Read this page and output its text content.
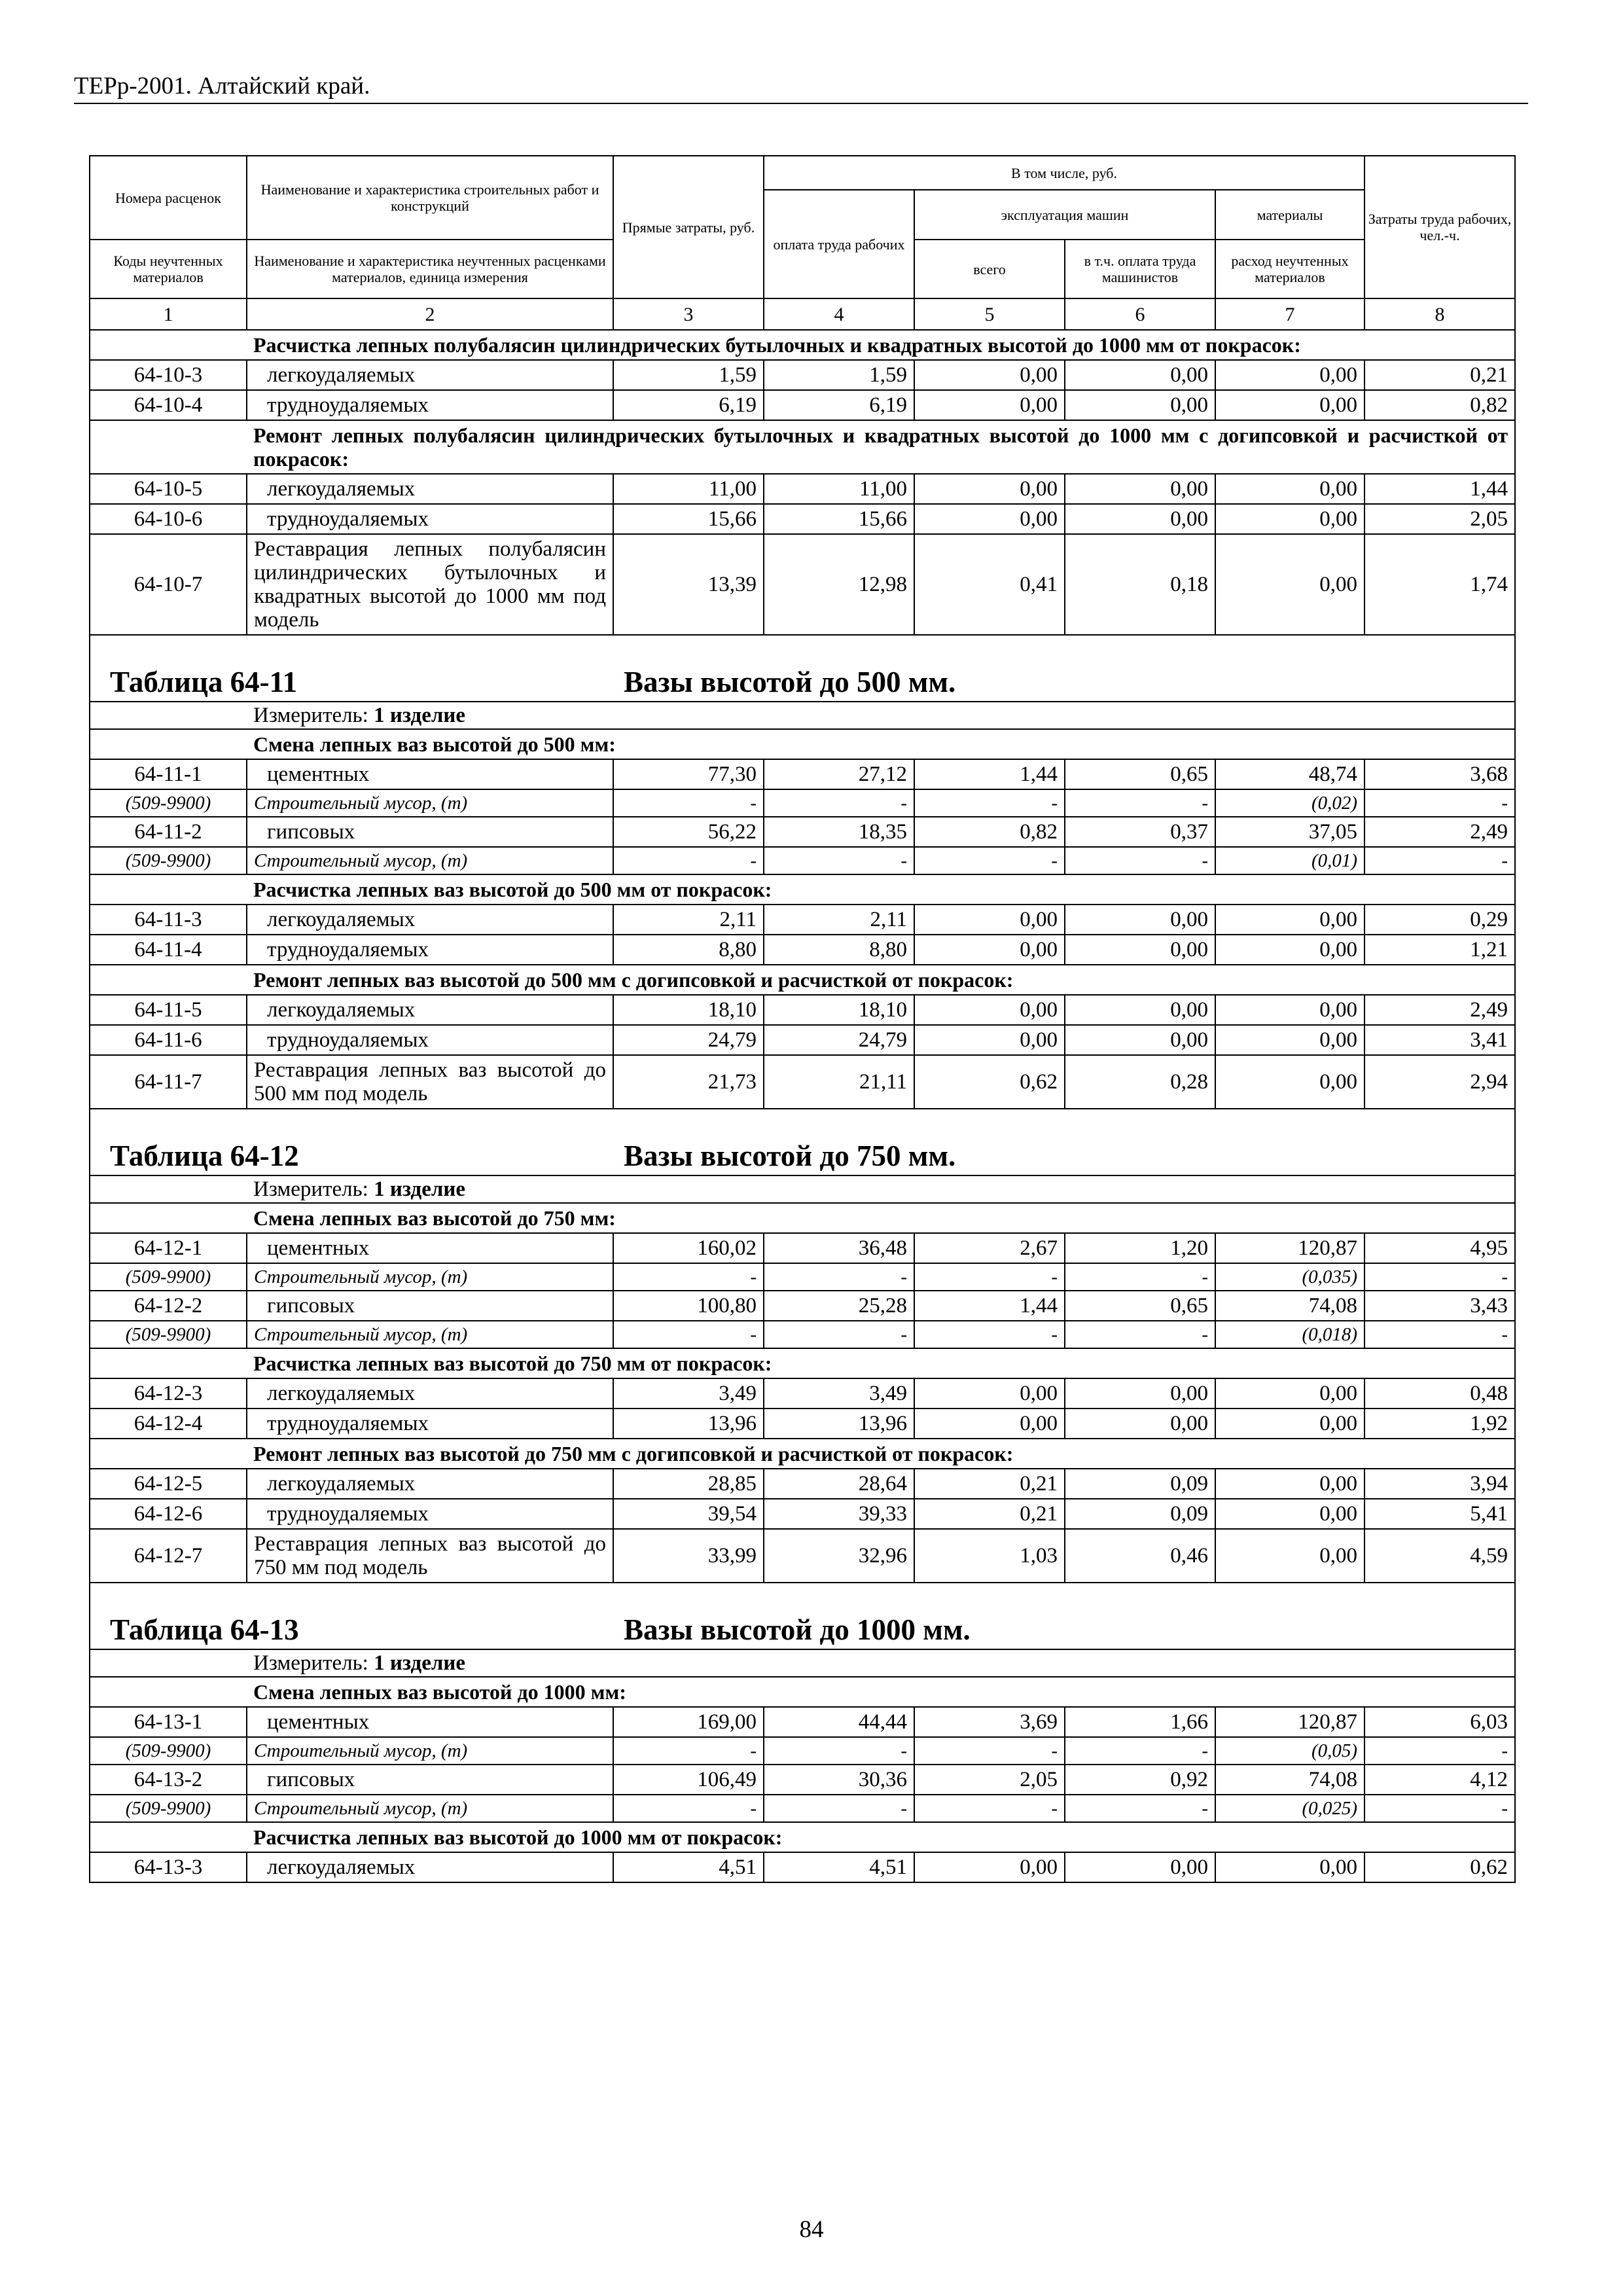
ТЕРр-2001. Алтайский край.
Номера расценок	Наименование и характеристика строительных работ и конструкций	Прямые затраты, руб.	В том числе, руб.				Затраты труда рабочих, чел.-ч.
			оплата труда рабочих	эксплуатация машин		материалы	
				всего	в т.ч. оплата труда машинистов	расход неучтенных материалов	
Коды неучтенных материалов	Наименование и характеристика неучтенных расценками материалов, единица измерения						
1	2	3	4	5	6	7	8
	Расчистка лепных полубалясин цилиндрических бутылочных и квадратных высотой до 1000 мм от покрасок:						
64-10-3	легкоудаляемых	1,59	1,59	0,00	0,00	0,00	0,21
64-10-4	трудноудаляемых	6,19	6,19	0,00	0,00	0,00	0,82
	Ремонт лепных полубалясин цилиндрических бутылочных и квадратных высотой до 1000 мм с догипсовкой и расчисткой от покрасок:						
64-10-5	легкоудаляемых	11,00	11,00	0,00	0,00	0,00	1,44
64-10-6	трудноудаляемых	15,66	15,66	0,00	0,00	0,00	2,05
64-10-7	Реставрация лепных полубалясин цилиндрических бутылочных и квадратных высотой до 1000 мм под модель	13,39	12,98	0,41	0,18	0,00	1,74
Таблица 64-11 Вазы высотой до 500 мм.							
	Измеритель: 1 изделие						
	Смена лепных ваз высотой до 500 мм:						
64-11-1	цементных	77,30	27,12	1,44	0,65	48,74	3,68
(509-9900)	Строительный мусор, (т)	-	-	-	-	(0,02)	-
64-11-2	гипсовых	56,22	18,35	0,82	0,37	37,05	2,49
(509-9900)	Строительный мусор, (т)	-	-	-	-	(0,01)	-
	Расчистка лепных ваз высотой до 500 мм от покрасок:						
64-11-3	легкоудаляемых	2,11	2,11	0,00	0,00	0,00	0,29
64-11-4	трудноудаляемых	8,80	8,80	0,00	0,00	0,00	1,21
	Ремонт лепных ваз высотой до 500 мм с догипсовкой и расчисткой от покрасок:						
64-11-5	легкоудаляемых	18,10	18,10	0,00	0,00	0,00	2,49
64-11-6	трудноудаляемых	24,79	24,79	0,00	0,00	0,00	3,41
64-11-7	Реставрация лепных ваз высотой до 500 мм под модель	21,73	21,11	0,62	0,28	0,00	2,94
Таблица 64-12 Вазы высотой до 750 мм.							
	Измеритель: 1 изделие						
	Смена лепных ваз высотой до 750 мм:						
64-12-1	цементных	160,02	36,48	2,67	1,20	120,87	4,95
(509-9900)	Строительный мусор, (т)	-	-	-	-	(0,035)	-
64-12-2	гипсовых	100,80	25,28	1,44	0,65	74,08	3,43
(509-9900)	Строительный мусор, (т)	-	-	-	-	(0,018)	-
	Расчистка лепных ваз высотой до 750 мм от покрасок:						
64-12-3	легкоудаляемых	3,49	3,49	0,00	0,00	0,00	0,48
64-12-4	трудноудаляемых	13,96	13,96	0,00	0,00	0,00	1,92
	Ремонт лепных ваз высотой до 750 мм с догипсовкой и расчисткой от покрасок:						
64-12-5	легкоудаляемых	28,85	28,64	0,21	0,09	0,00	3,94
64-12-6	трудноудаляемых	39,54	39,33	0,21	0,09	0,00	5,41
64-12-7	Реставрация лепных ваз высотой до 750 мм под модель	33,99	32,96	1,03	0,46	0,00	4,59
Таблица 64-13 Вазы высотой до 1000 мм.							
	Измеритель: 1 изделие						
	Смена лепных ваз высотой до 1000 мм:						
64-13-1	цементных	169,00	44,44	3,69	1,66	120,87	6,03
(509-9900)	Строительный мусор, (т)	-	-	-	-	(0,05)	-
64-13-2	гипсовых	106,49	30,36	2,05	0,92	74,08	4,12
(509-9900)	Строительный мусор, (т)	-	-	-	-	(0,025)	-
	Расчистка лепных ваз высотой до 1000 мм от покрасок:						
64-13-3	легкоудаляемых	4,51	4,51	0,00	0,00	0,00	0,62
84
